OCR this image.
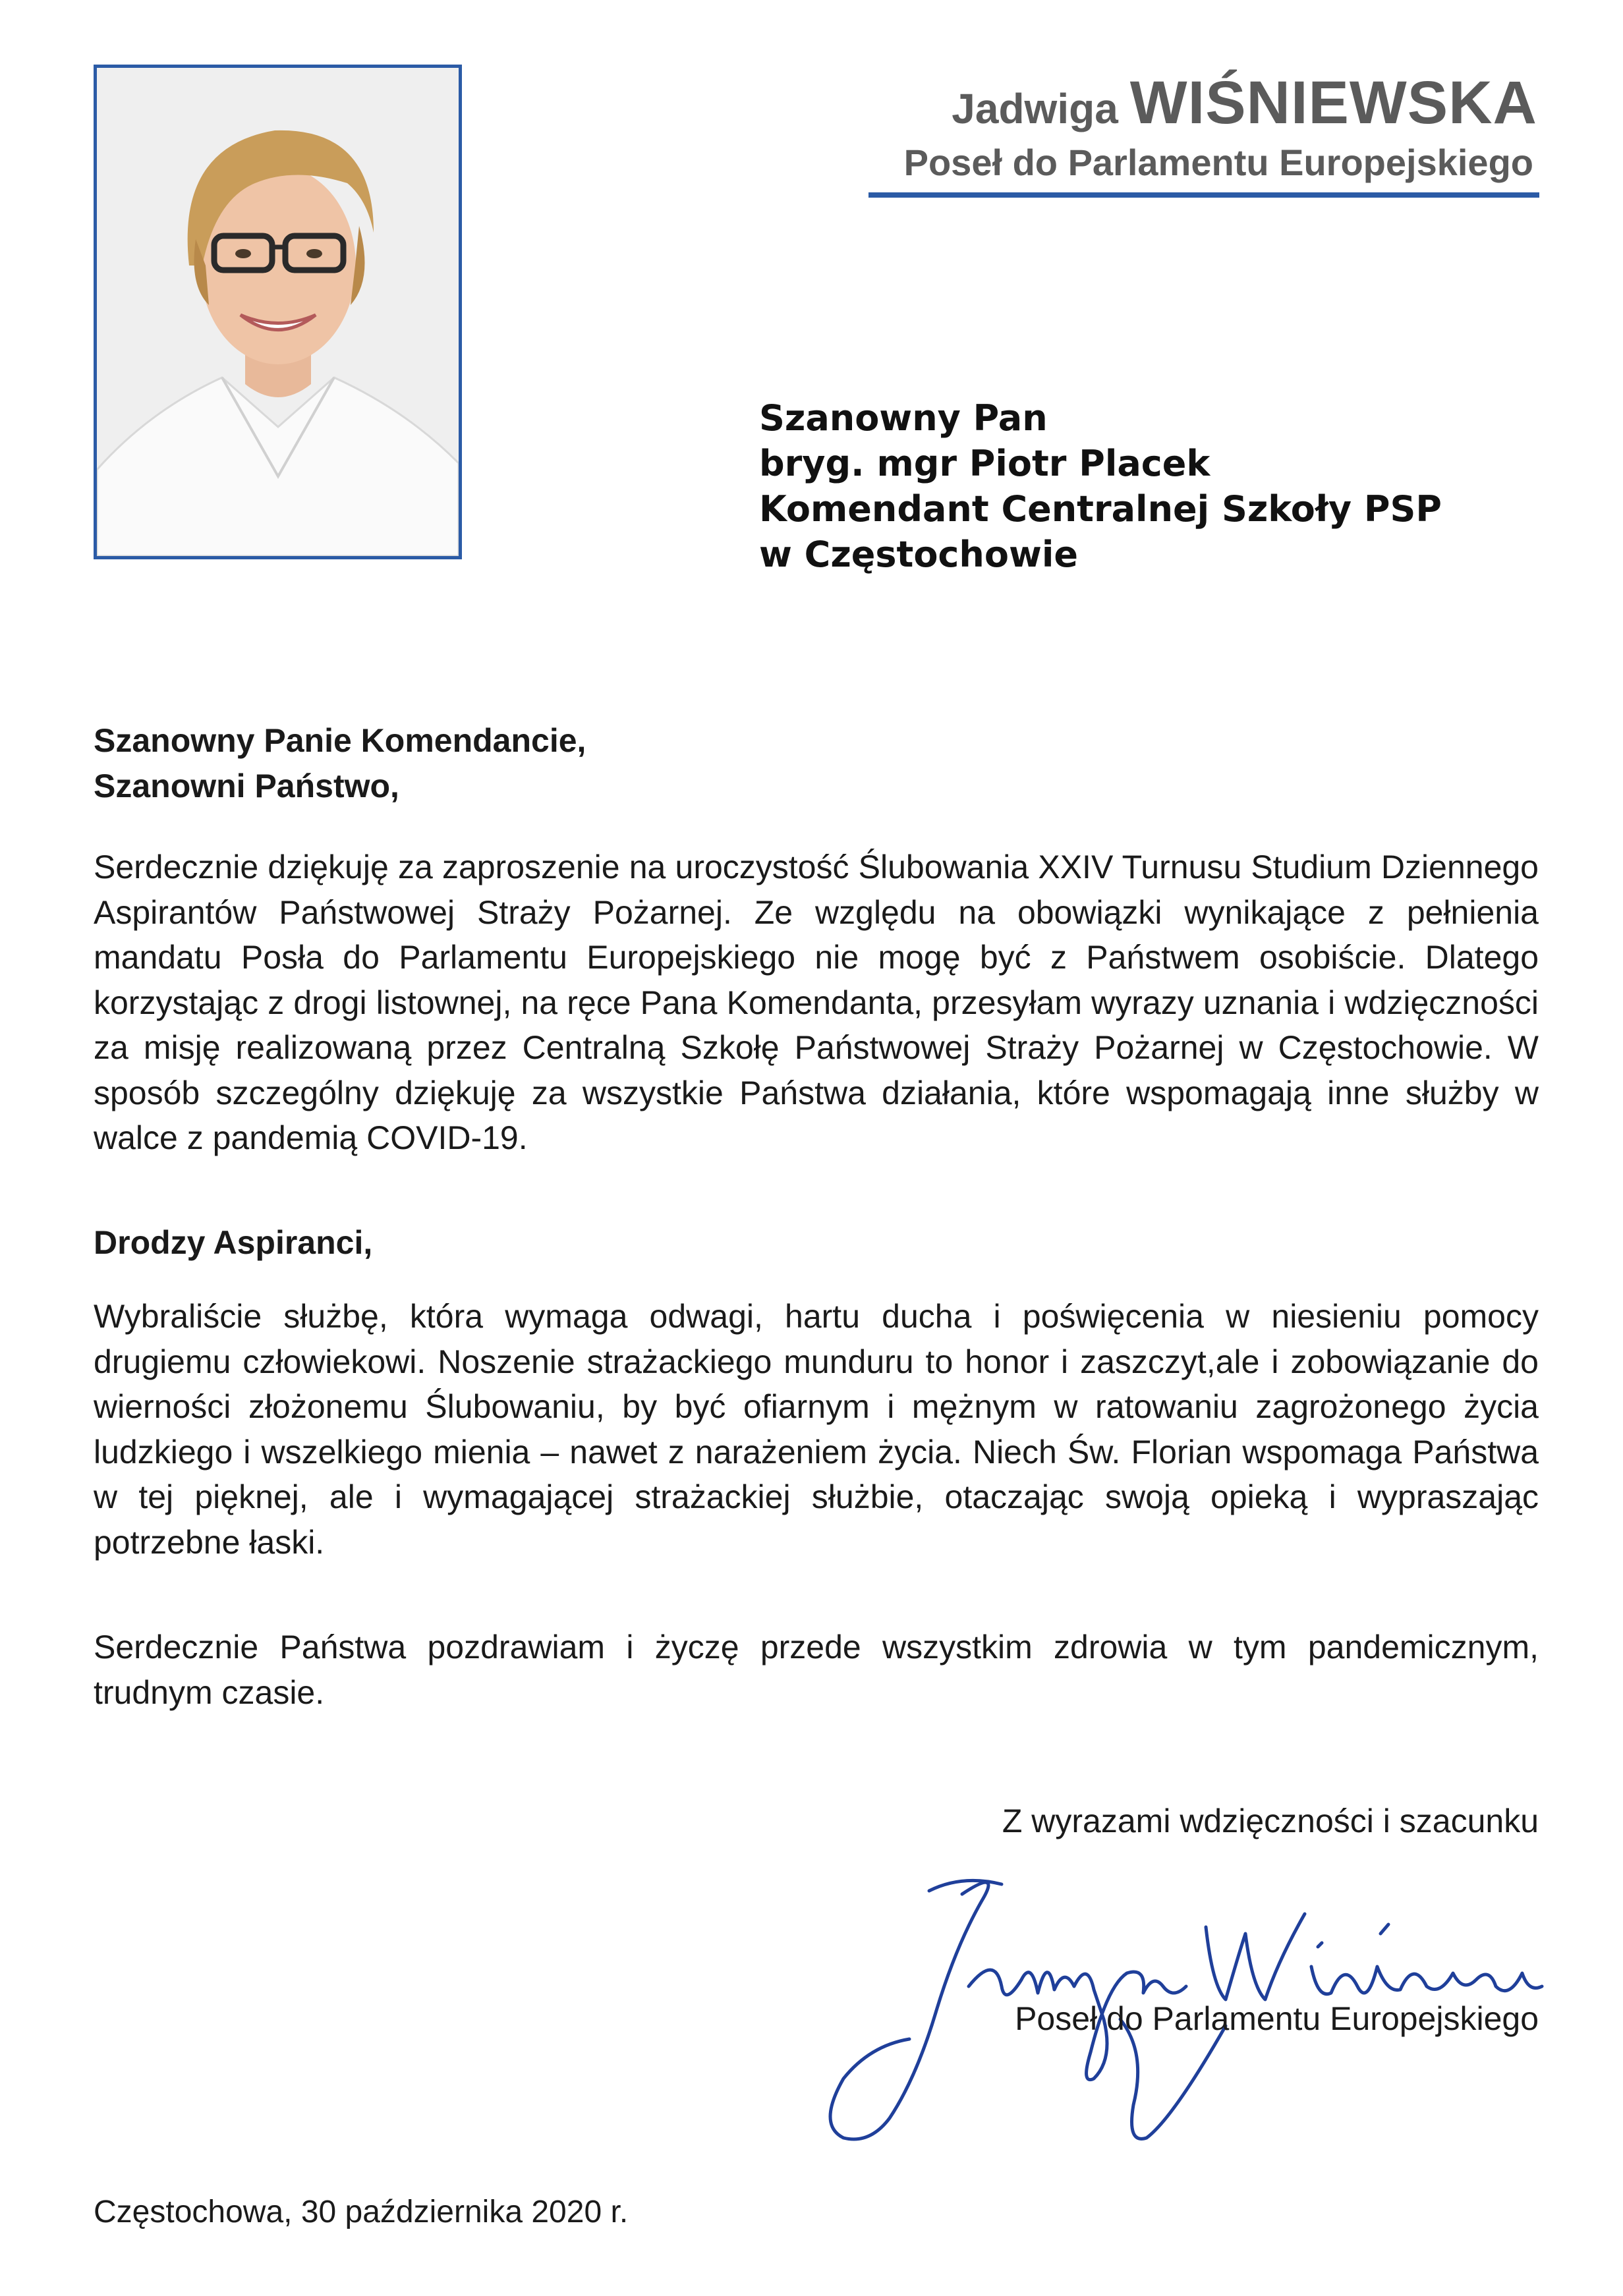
Jadwiga WIŚNIEWSKA
Poseł do Parlamentu Europejskiego
Szanowny Pan
bryg. mgr Piotr Placek
Komendant Centralnej Szkoły PSP
w Częstochowie
Szanowny Panie Komendancie,
Szanowni Państwo,

Serdecznie dziękuję za zaproszenie na uroczystość Ślubowania XXIV Turnusu Studium Dziennego Aspirantów Państwowej Straży Pożarnej. Ze względu na obowiązki wynikające z pełnienia mandatu Posła do Parlamentu Europejskiego nie mogę być z Państwem osobiście. Dlatego korzystając z drogi listownej, na ręce Pana Komendanta, przesyłam wyrazy uznania i wdzięczności za misję realizowaną przez Centralną Szkołę Państwowej Straży Pożarnej w Częstochowie. W sposób szczególny dziękuję za wszystkie Państwa działania, które wspomagają inne służby w walce z pandemią COVID-19.

Drodzy Aspiranci,

Wybraliście służbę, która wymaga odwagi, hartu ducha i poświęcenia w niesieniu pomocy drugiemu człowiekowi. Noszenie strażackiego munduru to honor i zaszczyt,ale i zobowiązanie do wierności złożonemu Ślubowaniu, by być ofiarnym i mężnym w ratowaniu zagrożonego życia ludzkiego i wszelkiego mienia – nawet z narażeniem życia. Niech Św. Florian wspomaga Państwa w tej pięknej, ale i wymagającej strażackiej służbie, otaczając swoją opieką i wypraszając potrzebne łaski.

Serdecznie Państwa pozdrawiam i życzę przede wszystkim zdrowia w tym pandemicznym, trudnym czasie.

Z wyrazami wdzięczności i szacunku
Poseł do Parlamentu Europejskiego
Częstochowa, 30 października 2020 r.
